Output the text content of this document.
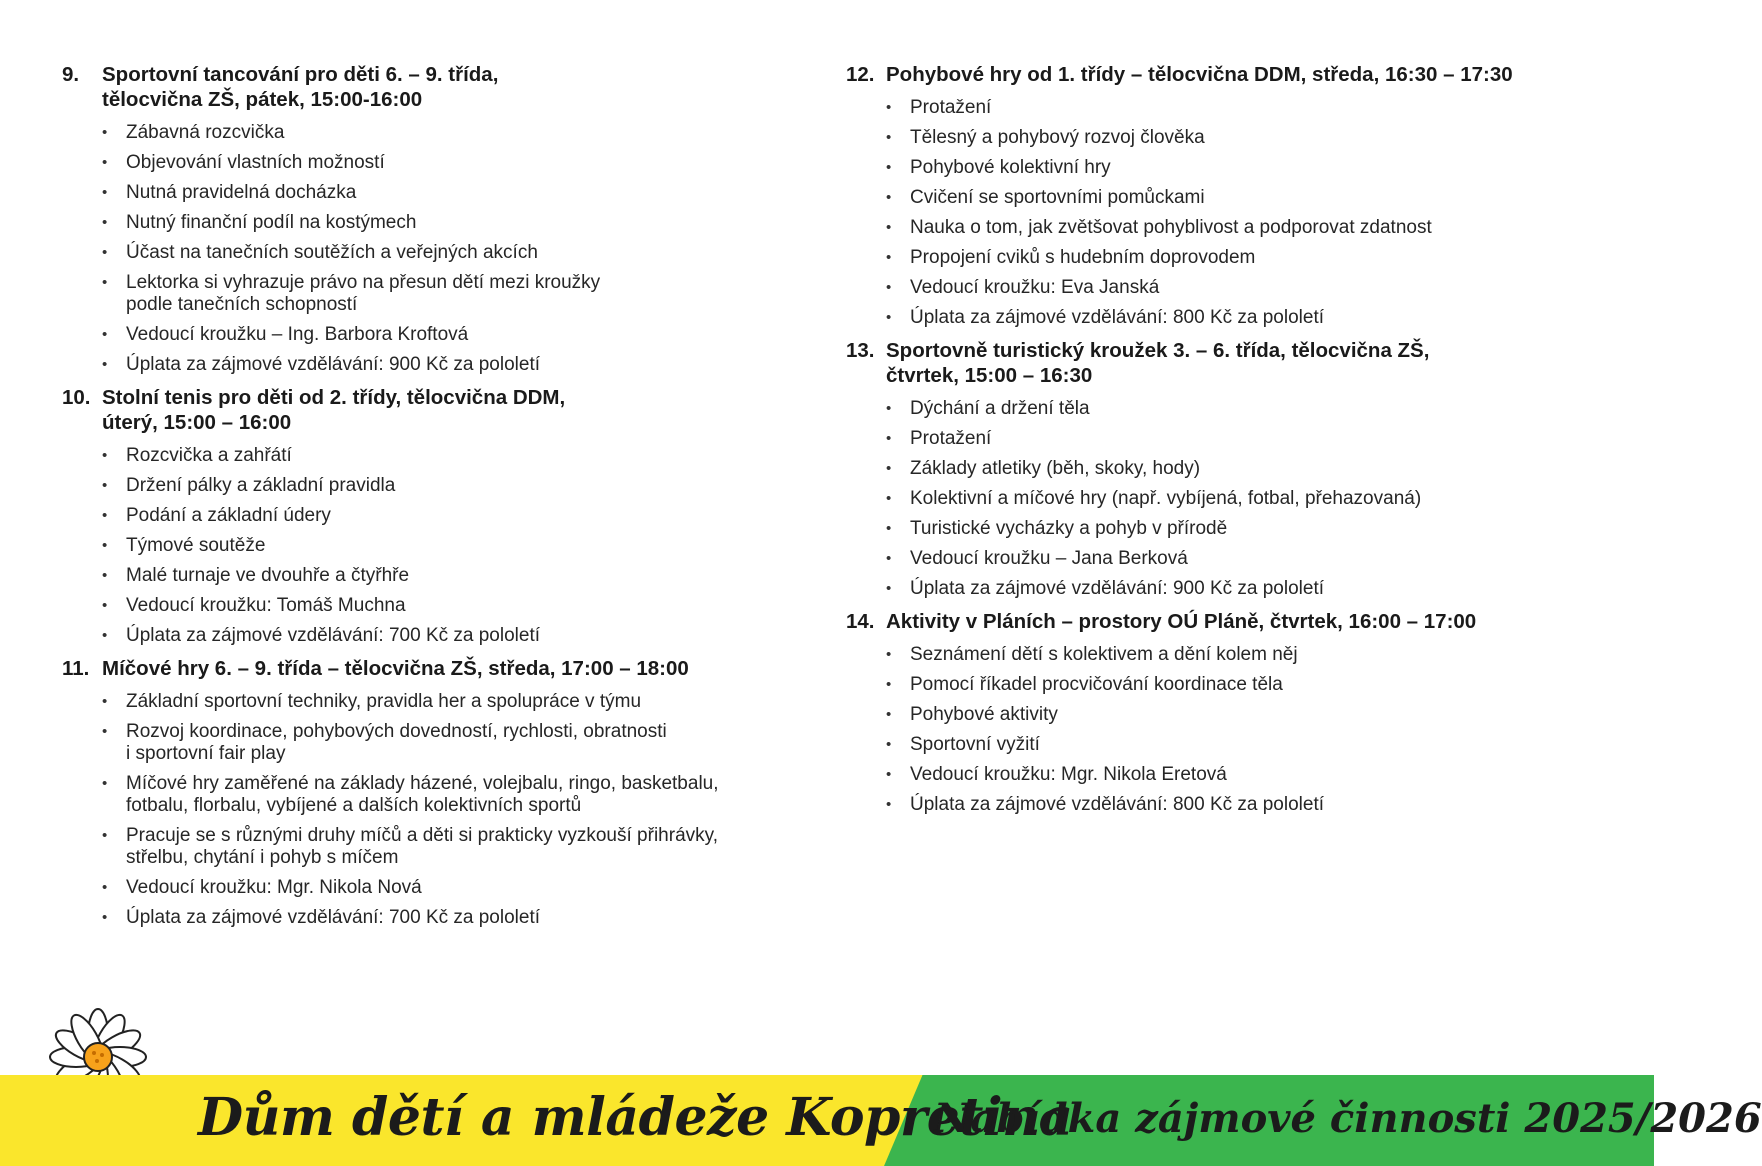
9.	Sportovní tancování pro děti 6. – 9. třída,
tělocvična ZŠ, pátek, 15:00-16:00
• Zábavná rozcvička
• Objevování vlastních možností
• Nutná pravidelná docházka
• Nutný finanční podíl na kostýmech
• Účast na tanečních soutěžích a veřejných akcích
• Lektorka si vyhrazuje právo na přesun dětí mezi kroužky
podle tanečních schopností
• Vedoucí kroužku – Ing. Barbora Kroftová
• Úplata za zájmové vzdělávání: 900 Kč za pololetí
10. Stolní tenis pro děti od 2. třídy, tělocvična DDM,
úterý, 15:00 – 16:00
• Rozcvička a zahřátí
• Držení pálky a základní pravidla
• Podání a základní údery
• Týmové soutěže
• Malé turnaje ve dvouhře a čtyřhře
• Vedoucí kroužku: Tomáš Muchna
• Úplata za zájmové vzdělávání: 700 Kč za pololetí
11. Míčové hry 6. – 9. třída – tělocvična ZŠ, středa, 17:00 – 18:00
• Základní sportovní techniky, pravidla her a spolupráce v týmu
• Rozvoj koordinace, pohybových dovedností, rychlosti, obratnosti
i sportovní fair play
• Míčové hry zaměřené na základy házené, volejbalu, ringo, basketbalu,
fotbalu, florbalu, vybíjené a dalších kolektivních sportů
• Pracuje se s různými druhy míčů a děti si prakticky vyzkouší přihrávky,
střelbu, chytání i pohyb s míčem
• Vedoucí kroužku: Mgr. Nikola Nová
• Úplata za zájmové vzdělávání: 700 Kč za pololetí
12. Pohybové hry od 1. třídy – tělocvična DDM, středa, 16:30 – 17:30
• Protažení
• Tělesný a pohybový rozvoj člověka
• Pohybové kolektivní hry
• Cvičení se sportovními pomůckami
• Nauka o tom, jak zvětšovat pohyblivost a podporovat zdatnost
• Propojení cviků s hudebním doprovodem
• Vedoucí kroužku: Eva Janská
• Úplata za zájmové vzdělávání: 800 Kč za pololetí
13. Sportovně turistický kroužek 3. – 6. třída, tělocvična ZŠ,
čtvrtek, 15:00 – 16:30
• Dýchání a držení těla
• Protažení
• Základy atletiky (běh, skoky, hody)
• Kolektivní a míčové hry (např. vybíjená, fotbal, přehazovaná)
• Turistické vycházky a pohyb v přírodě
• Vedoucí kroužku – Jana Berková
• Úplata za zájmové vzdělávání: 900 Kč za pololetí
14. Aktivity v Pláních – prostory OÚ Pláně, čtvrtek, 16:00 – 17:00
• Seznámení dětí s kolektivem a dění kolem něj
• Pomocí říkadel procvičování koordinace těla
• Pohybové aktivity
• Sportovní vyžití
• Vedoucí kroužku: Mgr. Nikola Eretová
• Úplata za zájmové vzdělávání: 800 Kč za pololetí
Dům dětí a mládeže Kopretina
Nabídka zájmové činnosti 2025/2026
